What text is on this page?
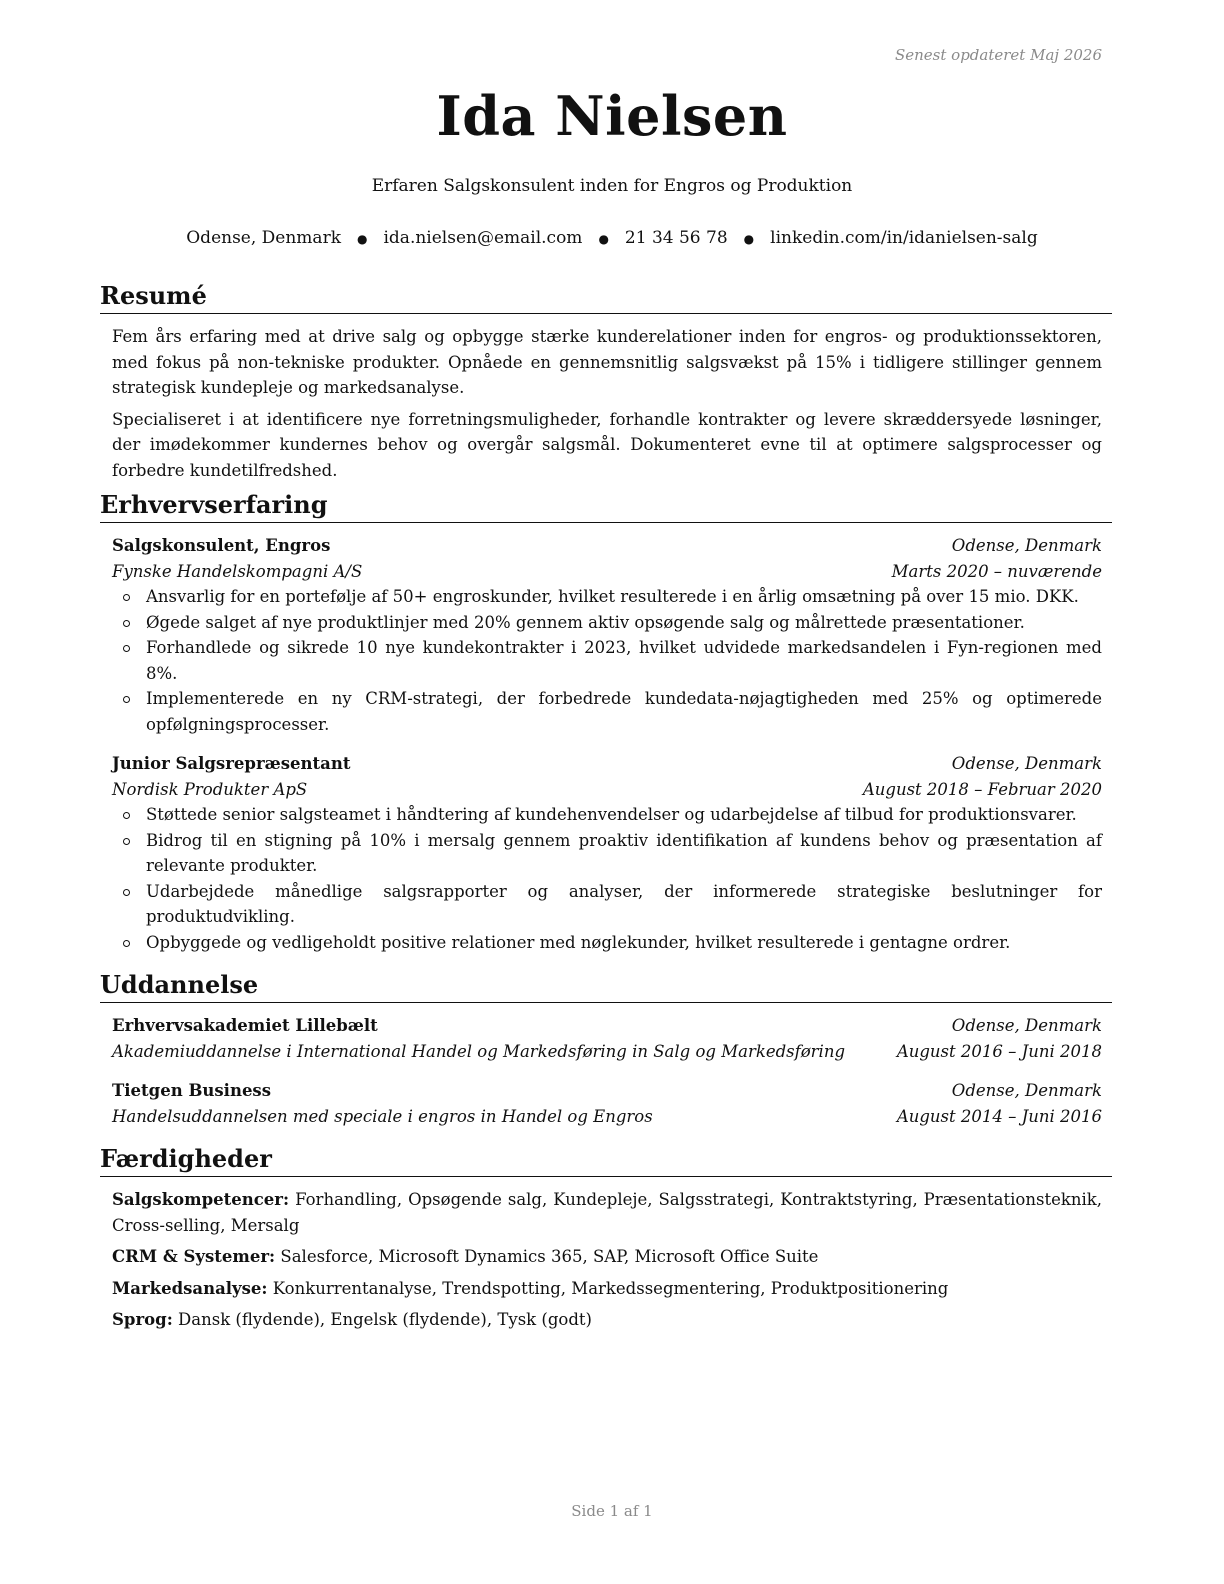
Senest opdateret Maj 2026
Ida Nielsen
Erfaren Salgskonsulent inden for Engros og Produktion
Odense, Denmark ● ida.nielsen@email.com ● 21 34 56 78 ● linkedin.com/in/idanielsen-salg
Resumé

Fem års erfaring med at drive salg og opbygge stærke kunderelationer inden for engros- og produktionssektoren, med fokus på non-tekniske produkter. Opnåede en gennemsnitlig salgsvækst på 15% i tidligere stillinger gennem strategisk kundepleje og markedsanalyse.

Specialiseret i at identificere nye forretningsmuligheder, forhandle kontrakter og levere skræddersyede løsninger, der imødekommer kundernes behov og overgår salgsmål. Dokumenteret evne til at optimere salgsprocesser og forbedre kundetilfredshed.

Erhvervserfaring
Salgskonsulent, Engros	Odense, Denmark
Fynske Handelskompagni A/S	Marts 2020 – nuværende
Ansvarlig for en portefølje af 50+ engroskunder, hvilket resulterede i en årlig omsætning på over 15 mio. DKK.
Øgede salget af nye produktlinjer med 20% gennem aktiv opsøgende salg og målrettede præsentationer.
Forhandlede og sikrede 10 nye kundekontrakter i 2023, hvilket udvidede markedsandelen i Fyn-regionen med 8%.
Implementerede en ny CRM-strategi, der forbedrede kundedata-nøjagtigheden med 25% og optimerede opfølgningsprocesser.
Junior Salgsrepræsentant	Odense, Denmark
Nordisk Produkter ApS	August 2018 – Februar 2020
Støttede senior salgsteamet i håndtering af kundehenvendelser og udarbejdelse af tilbud for produktionsvarer.
Bidrog til en stigning på 10% i mersalg gennem proaktiv identifikation af kundens behov og præsentation af relevante produkter.
Udarbejdede månedlige salgsrapporter og analyser, der informerede strategiske beslutninger for produktudvikling.
Opbyggede og vedligeholdt positive relationer med nøglekunder, hvilket resulterede i gentagne ordrer.
Uddannelse
Erhvervsakademiet Lillebælt	Odense, Denmark
Akademiuddannelse i International Handel og Markedsføring in Salg og Markedsføring	August 2016 – Juni 2018
Tietgen Business	Odense, Denmark
Handelsuddannelsen med speciale i engros in Handel og Engros	August 2014 – Juni 2016
Færdigheder
Salgskompetencer: Forhandling, Opsøgende salg, Kundepleje, Salgsstrategi, Kontraktstyring, Præsentationsteknik, Cross-selling, Mersalg
CRM & Systemer: Salesforce, Microsoft Dynamics 365, SAP, Microsoft Office Suite
Markedsanalyse: Konkurrentanalyse, Trendspotting, Markedssegmentering, Produktpositionering
Sprog: Dansk (flydende), Engelsk (flydende), Tysk (godt)
Side 1 af 1
